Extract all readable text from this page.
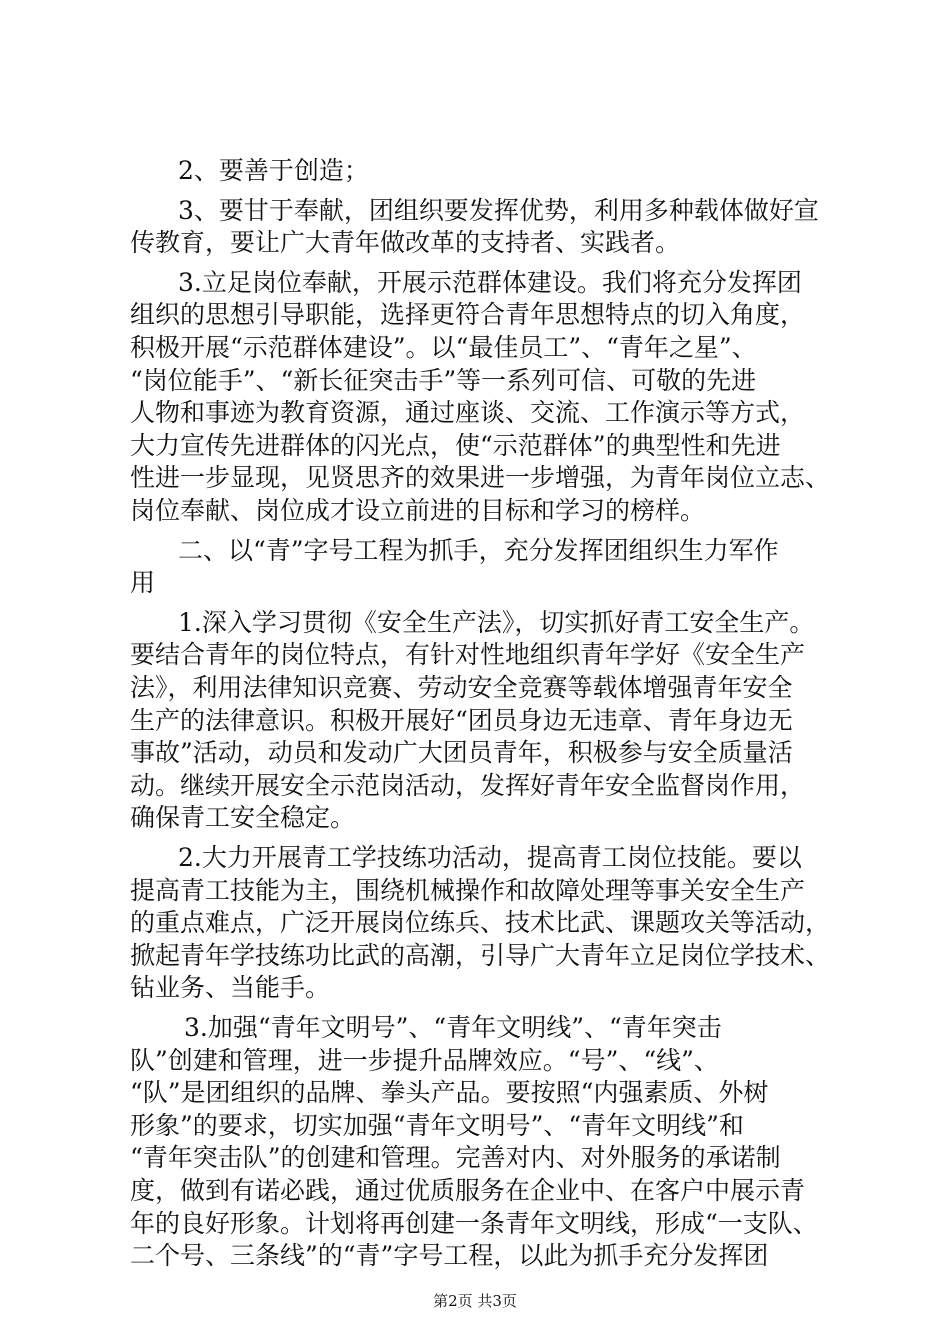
2、要善于创造；
3、要甘于奉献，团组织要发挥优势，利用多种载体做好宣
传教育，要让广大青年做改革的支持者、实践者。
3.立足岗位奉献，开展示范群体建设。我们将充分发挥团
组织的思想引导职能，选择更符合青年思想特点的切入角度，
积极开展“示范群体建设”。以“最佳员工”、“青年之星”、
“岗位能手”、“新长征突击手”等一系列可信、可敬的先进
人物和事迹为教育资源，通过座谈、交流、工作演示等方式，
大力宣传先进群体的闪光点，使“示范群体”的典型性和先进
性进一步显现，见贤思齐的效果进一步增强，为青年岗位立志、
岗位奉献、岗位成才设立前进的目标和学习的榜样。
二、以“青”字号工程为抓手，充分发挥团组织生力军作
用
1.深入学习贯彻《安全生产法》，切实抓好青工安全生产。
要结合青年的岗位特点，有针对性地组织青年学好《安全生产
法》，利用法律知识竞赛、劳动安全竞赛等载体增强青年安全
生产的法律意识。积极开展好“团员身边无违章、青年身边无
事故”活动，动员和发动广大团员青年，积极参与安全质量活
动。继续开展安全示范岗活动，发挥好青年安全监督岗作用，
确保青工安全稳定。
2.大力开展青工学技练功活动，提高青工岗位技能。要以
提高青工技能为主，围绕机械操作和故障处理等事关安全生产
的重点难点，广泛开展岗位练兵、技术比武、课题攻关等活动，
掀起青年学技练功比武的高潮，引导广大青年立足岗位学技术、
钻业务、当能手。
3.加强“青年文明号”、“青年文明线”、“青年突击
队”创建和管理，进一步提升品牌效应。“号”、“线”、
“队”是团组织的品牌、拳头产品。要按照“内强素质、外树
形象”的要求，切实加强“青年文明号”、“青年文明线”和
“青年突击队”的创建和管理。完善对内、对外服务的承诺制
度，做到有诺必践，通过优质服务在企业中、在客户中展示青
年的良好形象。计划将再创建一条青年文明线，形成“一支队、
二个号、三条线”的“青”字号工程，以此为抓手充分发挥团
第2页 共3页
